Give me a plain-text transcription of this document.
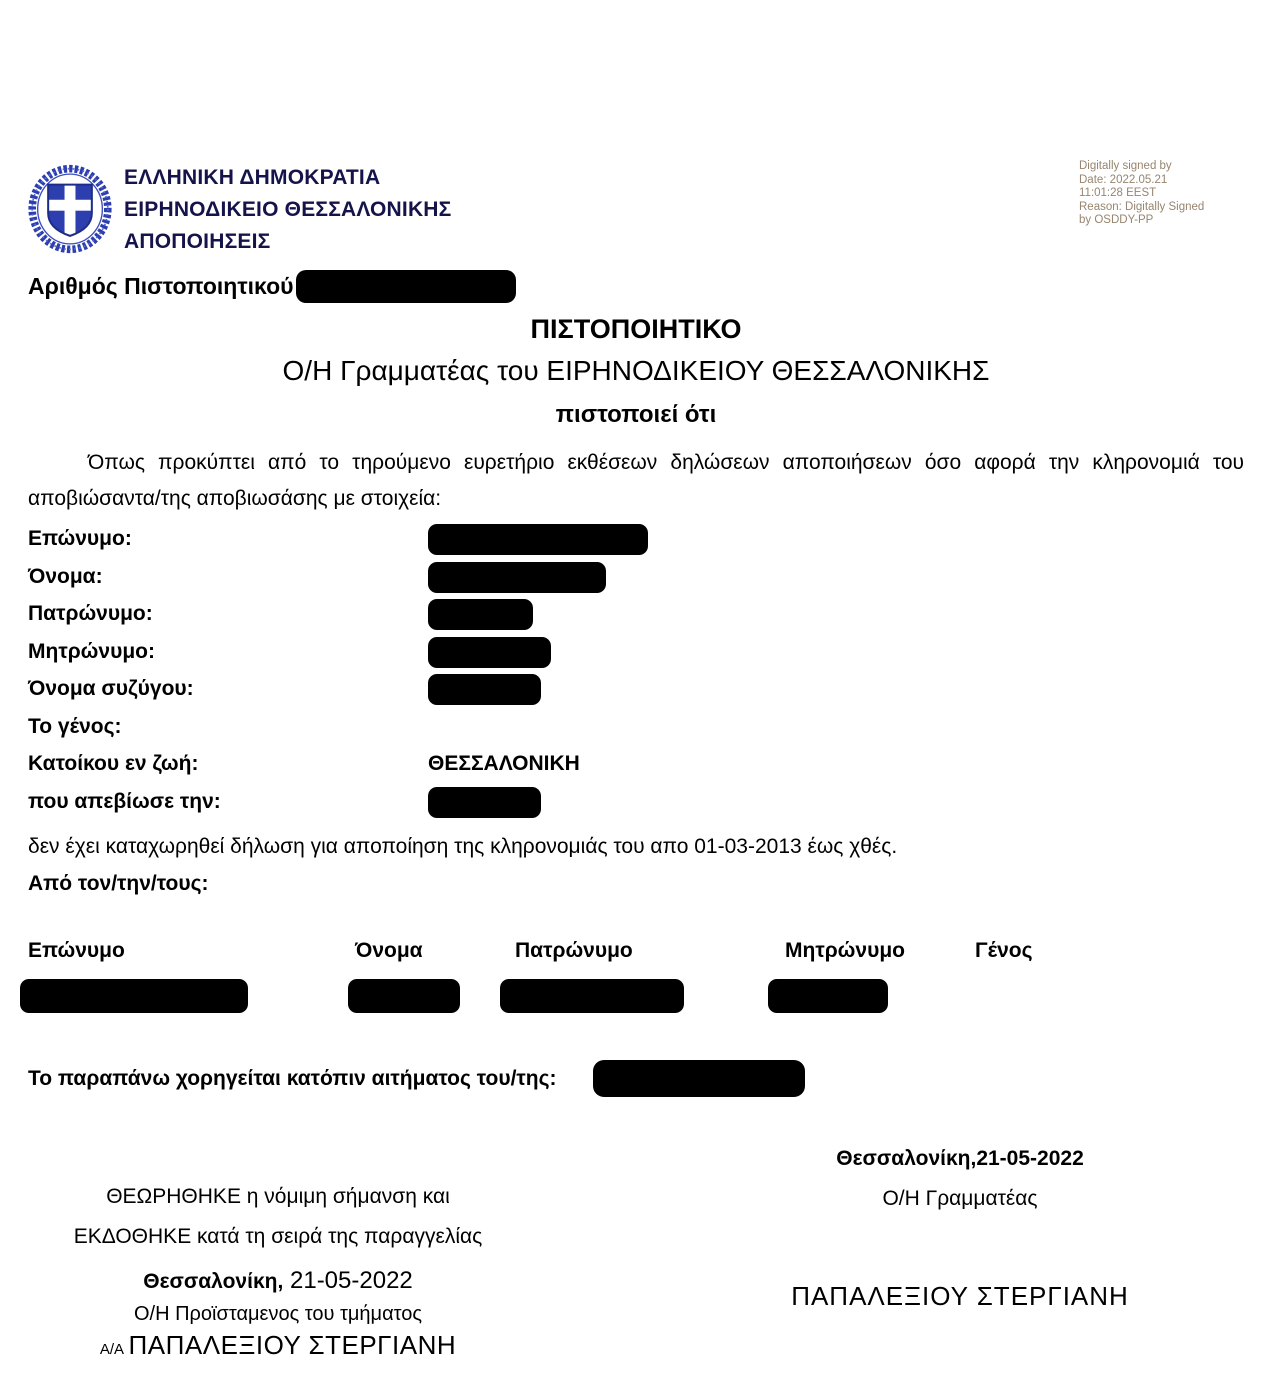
ΕΛΛΗΝΙΚΗ ΔΗΜΟΚΡΑΤΙΑ
ΕΙΡΗΝΟΔΙΚΕΙΟ ΘΕΣΣΑΛΟΝΙΚΗΣ
ΑΠΟΠΟΙΗΣΕΙΣ
Digitally signed by
Date: 2022.05.21
11:01:28 EEST
Reason: Digitally Signed
by OSDDY-PP
Αριθμός Πιστοποιητικού
ΠΙΣΤΟΠΟΙΗΤΙΚΟ
Ο/Η Γραμματέας του ΕΙΡΗΝΟΔΙΚΕΙΟΥ ΘΕΣΣΑΛΟΝΙΚΗΣ
πιστοποιεί ότι
Όπως προκύπτει από το τηρούμενο ευρετήριο εκθέσεων δηλώσεων αποποιήσεων όσο αφορά την κληρονομιά του αποβιώσαντα/της αποβιωσάσης με στοιχεία:
Επώνυμο:
Όνομα:
Πατρώνυμο:
Μητρώνυμο:
Όνομα συζύγου:
Το γένος:
Κατοίκου εν ζωή:	ΘΕΣΣΑΛΟΝΙΚΗ
που απεβίωσε την:
δεν έχει καταχωρηθεί δήλωση για αποποίηση της κληρονομιάς του απο 01-03-2013 έως χθές.
Από τον/την/τους:
Επώνυμο	Όνομα	Πατρώνυμο	Μητρώνυμο	Γένος
Το παραπάνω χορηγείται κατόπιν αιτήματος του/της:
Θεσσαλονίκη,21-05-2022
Ο/Η Γραμματέας
ΘΕΩΡΗΘΗΚΕ η νόμιμη σήμανση και
ΕΚΔΟΘΗΚΕ κατά τη σειρά της παραγγελίας
Θεσσαλονίκη, 21-05-2022
Ο/Η Προϊσταμενος του τμήματος
Α/Α ΠΑΠΑΛΕΞΙΟΥ ΣΤΕΡΓΙΑΝΗ
ΠΑΠΑΛΕΞΙΟΥ ΣΤΕΡΓΙΑΝΗ
